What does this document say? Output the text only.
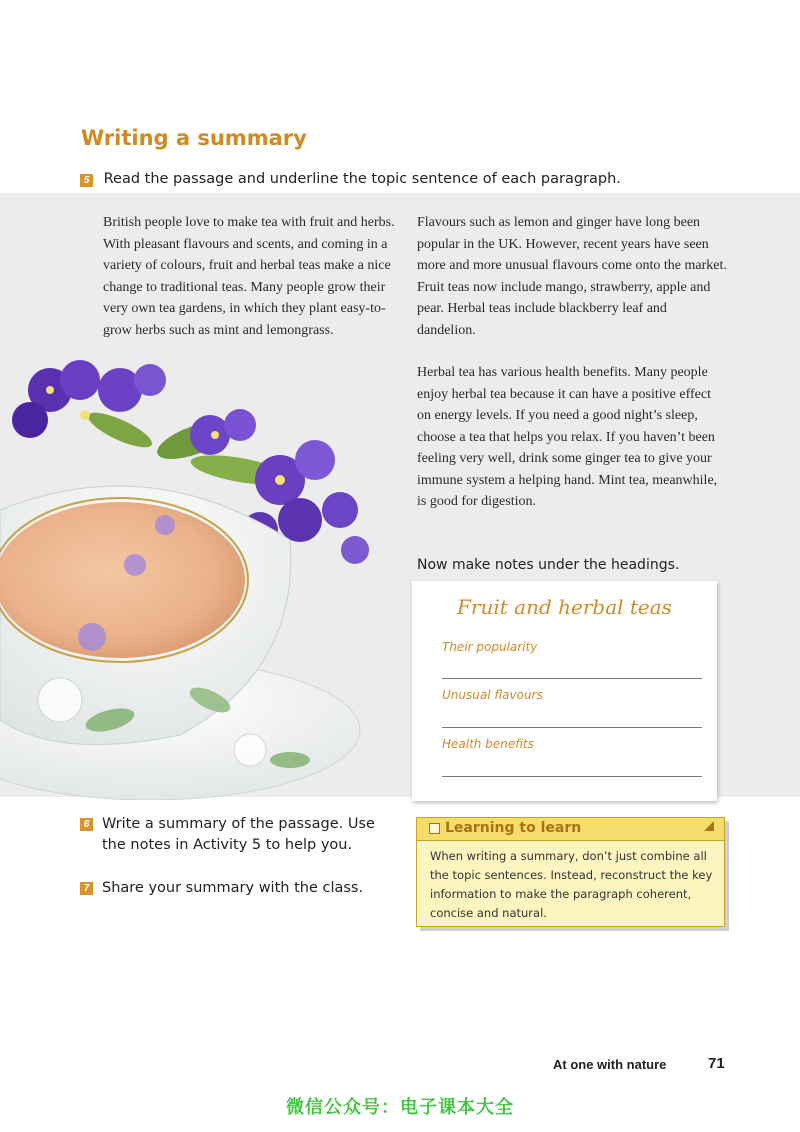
Writing a summary
5 Read the passage and underline the topic sentence of each paragraph.
British people love to make tea with fruit and herbs. With pleasant flavours and scents, and coming in a variety of colours, fruit and herbal teas make a nice change to traditional teas. Many people grow their very own tea gardens, in which they plant easy-to-grow herbs such as mint and lemongrass.
Flavours such as lemon and ginger have long been popular in the UK. However, recent years have seen more and more unusual flavours come onto the market. Fruit teas now include mango, strawberry, apple and pear. Herbal teas include blackberry leaf and dandelion.
Herbal tea has various health benefits. Many people enjoy herbal tea because it can have a positive effect on energy levels. If you need a good night’s sleep, choose a tea that helps you relax. If you haven’t been feeling very well, drink some ginger tea to give your immune system a helping hand. Mint tea, meanwhile, is good for digestion.
Now make notes under the headings.
Fruit and herbal teas
Their popularity
Unusual flavours
Health benefits
6 Write a summary of the passage. Use the notes in Activity 5 to help you.
7 Share your summary with the class.
Learning to learn
When writing a summary, don’t just combine all the topic sentences. Instead, reconstruct the key information to make the paragraph coherent, concise and natural.
At one with nature	71
微信公众号：电子课本大全
